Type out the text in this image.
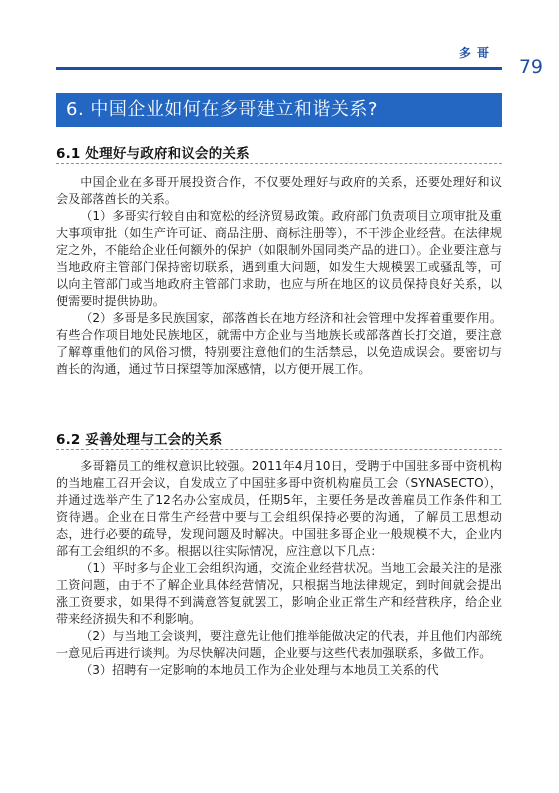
多哥
79
6. 中国企业如何在多哥建立和谐关系?
6.1 处理好与政府和议会的关系

中国企业在多哥开展投资合作，不仅要处理好与政府的关系，还要处理好和议会及部落酋长的关系。

（1）多哥实行较自由和宽松的经济贸易政策。政府部门负责项目立项审批及重大事项审批（如生产许可证、商品注册、商标注册等），不干涉企业经营。在法律规定之外，不能给企业任何额外的保护（如限制外国同类产品的进口）。企业要注意与当地政府主管部门保持密切联系，遇到重大问题，如发生大规模罢工或骚乱等，可以向主管部门或当地政府主管部门求助，也应与所在地区的议员保持良好关系，以便需要时提供协助。

（2）多哥是多民族国家，部落酋长在地方经济和社会管理中发挥着重要作用。有些合作项目地处民族地区，就需中方企业与当地族长或部落酋长打交道，要注意了解尊重他们的风俗习惯，特别要注意他们的生活禁忌，以免造成误会。要密切与酋长的沟通，通过节日探望等加深感情，以方便开展工作。

6.2 妥善处理与工会的关系

多哥籍员工的维权意识比较强。2011年4月10日，受聘于中国驻多哥中资机构的当地雇工召开会议，自发成立了中国驻多哥中资机构雇员工会（SYNASECTO），并通过选举产生了12名办公室成员，任期5年，主要任务是改善雇员工作条件和工资待遇。企业在日常生产经营中要与工会组织保持必要的沟通，了解员工思想动态，进行必要的疏导，发现问题及时解决。中国驻多哥企业一般规模不大，企业内部有工会组织的不多。根据以往实际情况，应注意以下几点：

（1）平时多与企业工会组织沟通，交流企业经营状况。当地工会最关注的是涨工资问题，由于不了解企业具体经营情况，只根据当地法律规定，到时间就会提出涨工资要求，如果得不到满意答复就罢工，影响企业正常生产和经营秩序，给企业带来经济损失和不利影响。

（2）与当地工会谈判，要注意先让他们推举能做决定的代表，并且他们内部统一意见后再进行谈判。为尽快解决问题，企业要与这些代表加强联系，多做工作。

（3）招聘有一定影响的本地员工作为企业处理与本地员工关系的代
